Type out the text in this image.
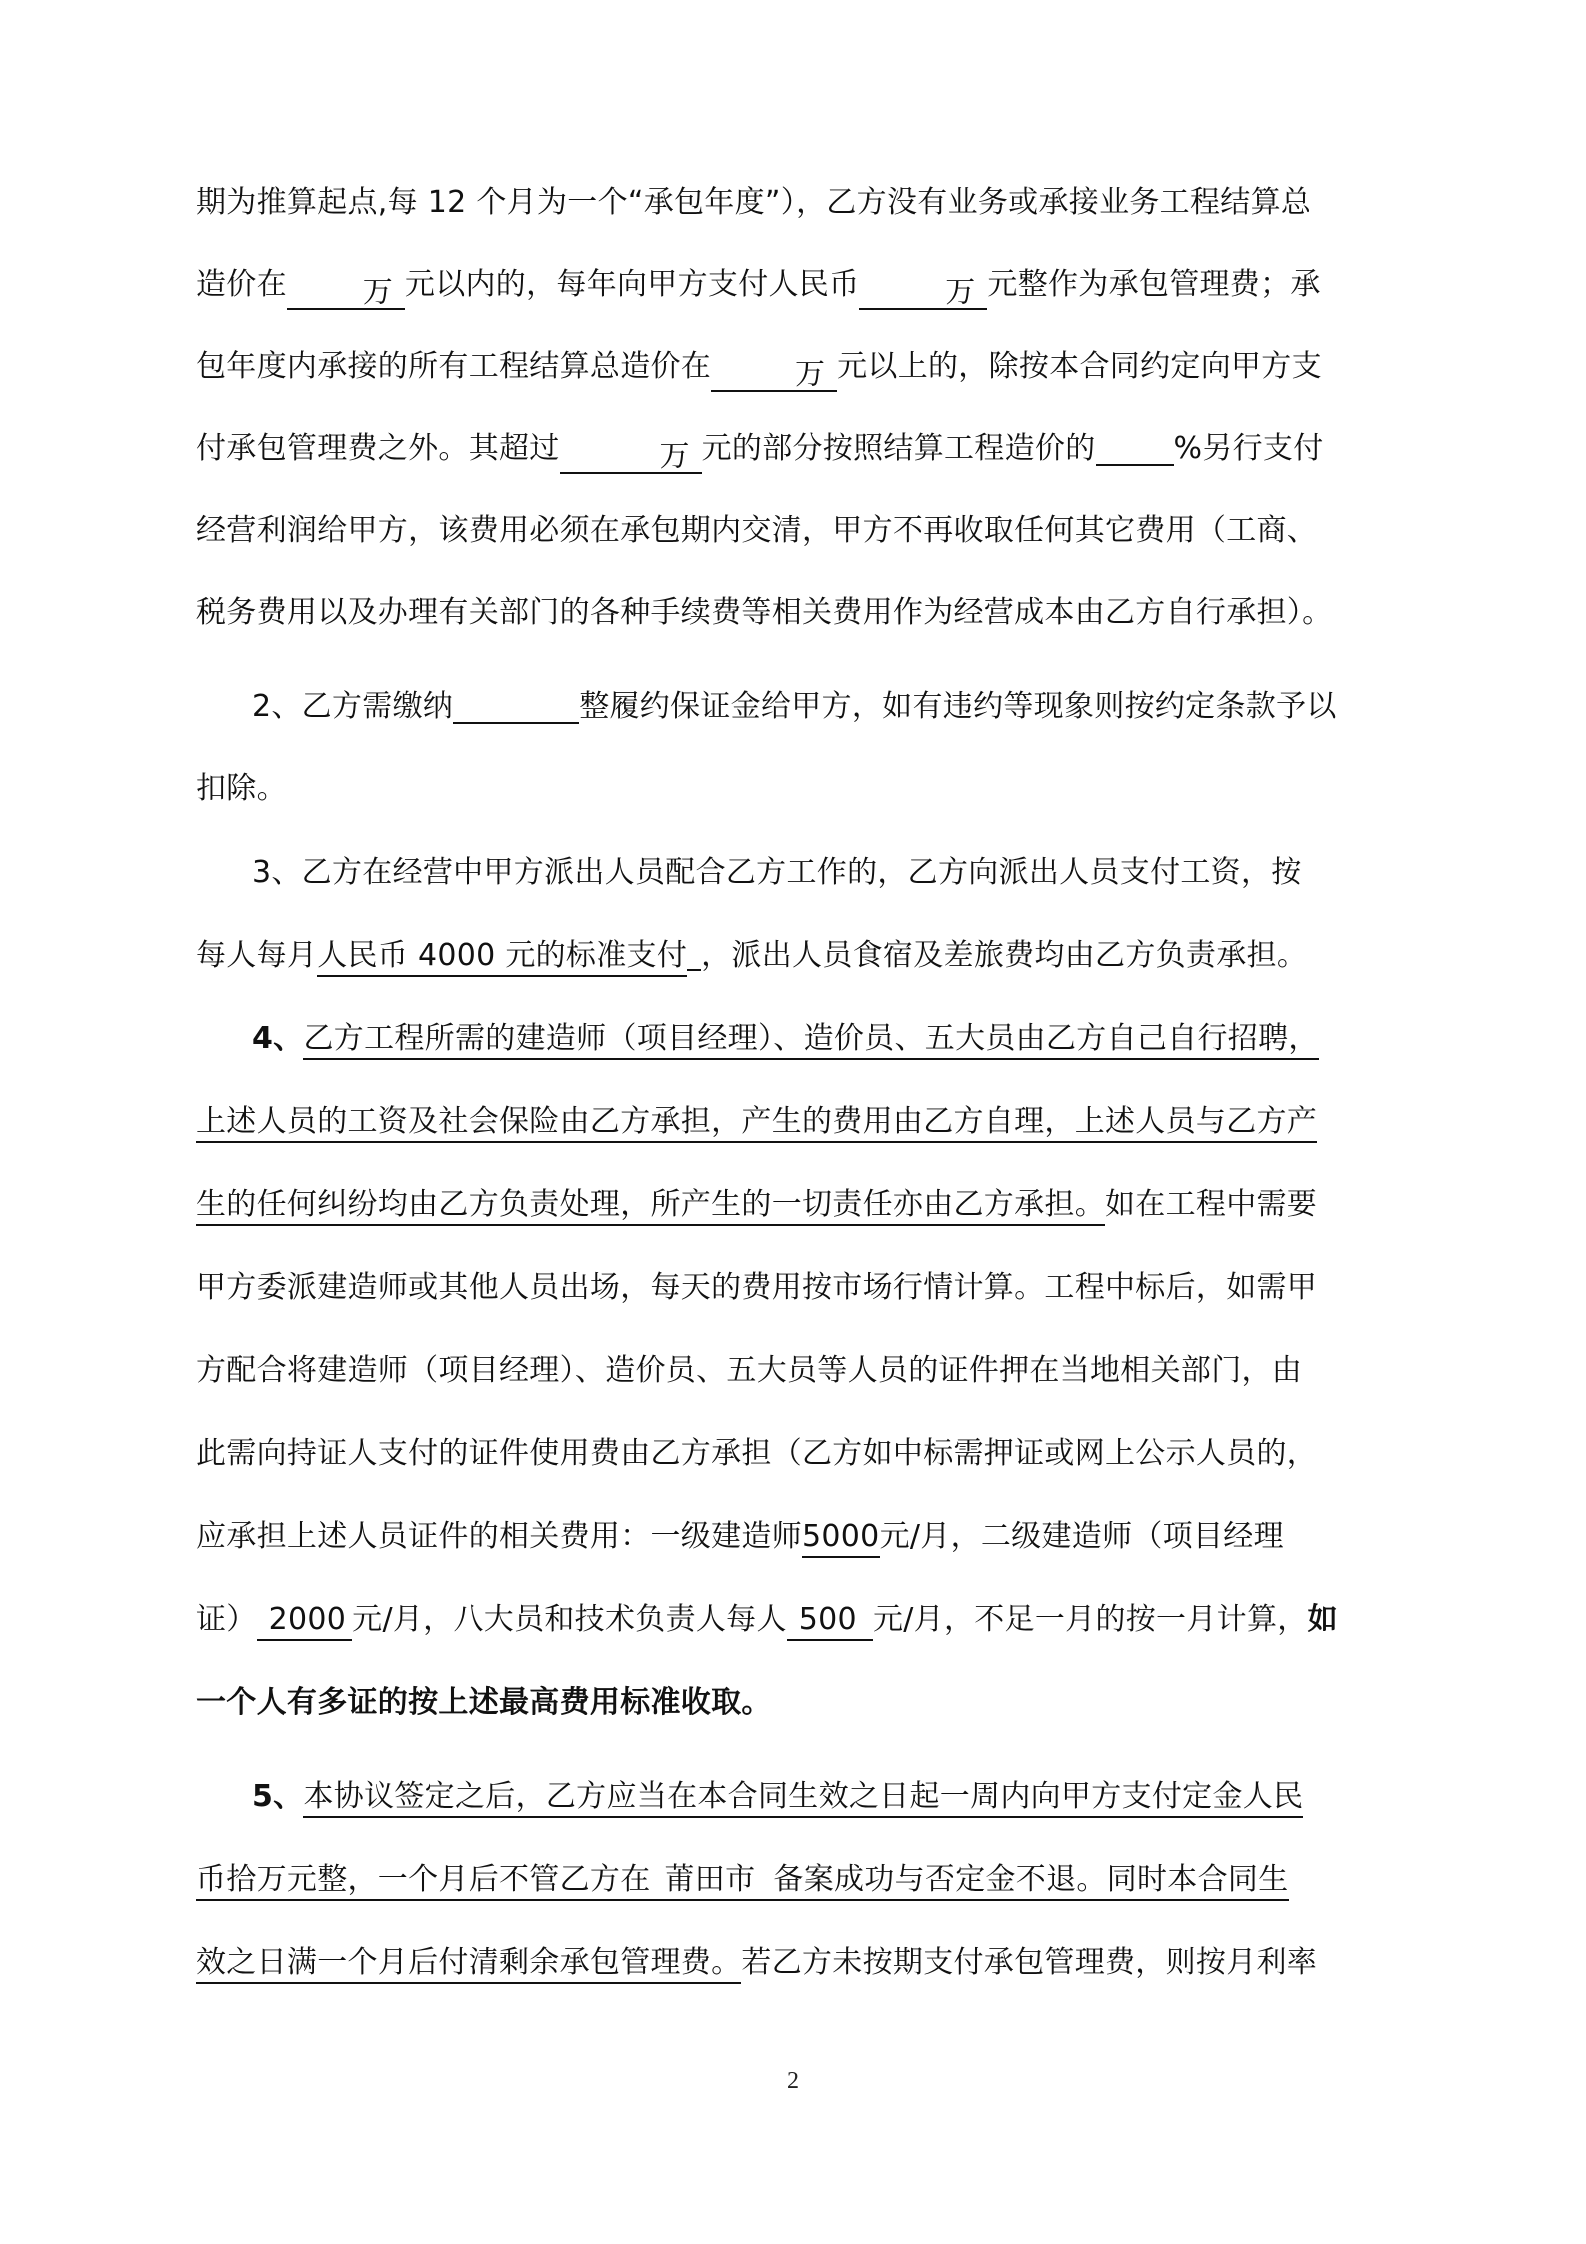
期为推算起点,每 12 个月为一个“承包年度”），乙方没有业务或承接业务工程结算总
造价在	万 元以内的，每年向甲方支付人民币	万 元整作为承包管理费；承
包年度内承接的所有工程结算总造价在	万 元以上的，除按本合同约定向甲方支
付承包管理费之外。其超过	万 元的部分按照结算工程造价的	%另行支付
经营利润给甲方，该费用必须在承包期内交清，甲方不再收取任何其它费用（工商、
税务费用以及办理有关部门的各种手续费等相关费用作为经营成本由乙方自行承担）。
2、乙方需缴纳	整履约保证金给甲方，如有违约等现象则按约定条款予以
扣除。
3、乙方在经营中甲方派出人员配合乙方工作的，乙方向派出人员支付工资，按
每人每月人民币 4000 元的标准支付 ，派出人员食宿及差旅费均由乙方负责承担。
4、乙方工程所需的建造师（项目经理）、造价员、五大员由乙方自己自行招聘，
上述人员的工资及社会保险由乙方承担，产生的费用由乙方自理，上述人员与乙方产
生的任何纠纷均由乙方负责处理，所产生的一切责任亦由乙方承担。如在工程中需要
甲方委派建造师或其他人员出场，每天的费用按市场行情计算。工程中标后，如需甲
方配合将建造师（项目经理）、造价员、五大员等人员的证件押在当地相关部门，由
此需向持证人支付的证件使用费由乙方承担（乙方如中标需押证或网上公示人员的，
应承担上述人员证件的相关费用：一级建造师5000元/月，二级建造师（项目经理
证） 2000 元/月，八大员和技术负责人每人 500 元/月，不足一月的按一月计算，如
一个人有多证的按上述最高费用标准收取。
5、本协议签定之后，乙方应当在本合同生效之日起一周内向甲方支付定金人民
币拾万元整，一个月后不管乙方在 莆田市 备案成功与否定金不退。同时本合同生
效之日满一个月后付清剩余承包管理费。若乙方未按期支付承包管理费，则按月利率
2
